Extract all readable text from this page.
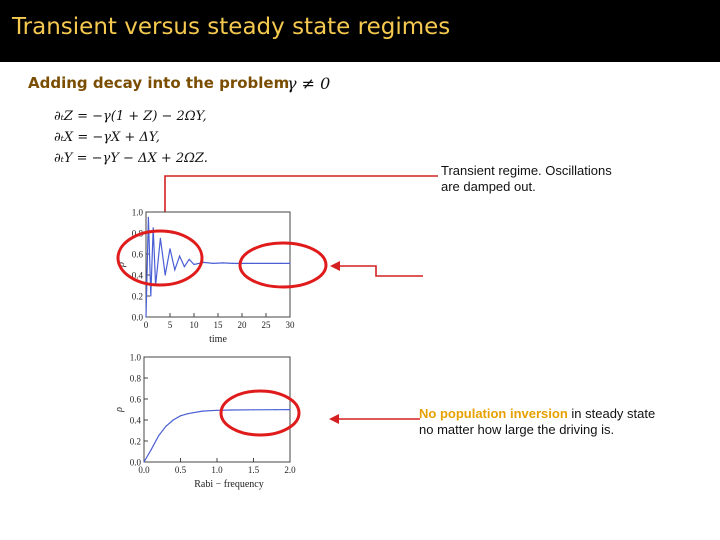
Transient versus steady state regimes
Adding decay into the problem
γ ≠ 0
∂ₜZ = −γ(1 + Z) − 2ΩY,
∂ₜX = −γX + ΔY,
∂ₜY = −γY − ΔX + 2ΩZ.
Transient regime. Oscillations
are damped out.
No population inversion in steady state
no matter how large the driving is.
0.0
0.2
0.4
0.6
0.8
1.0
0 5 10 15 20 25 30
time
ρ
0.0
0.2
0.4
0.6
0.8
1.0
0.0	0.5	1.0	1.5	2.0
Rabi − frequency
ρ
